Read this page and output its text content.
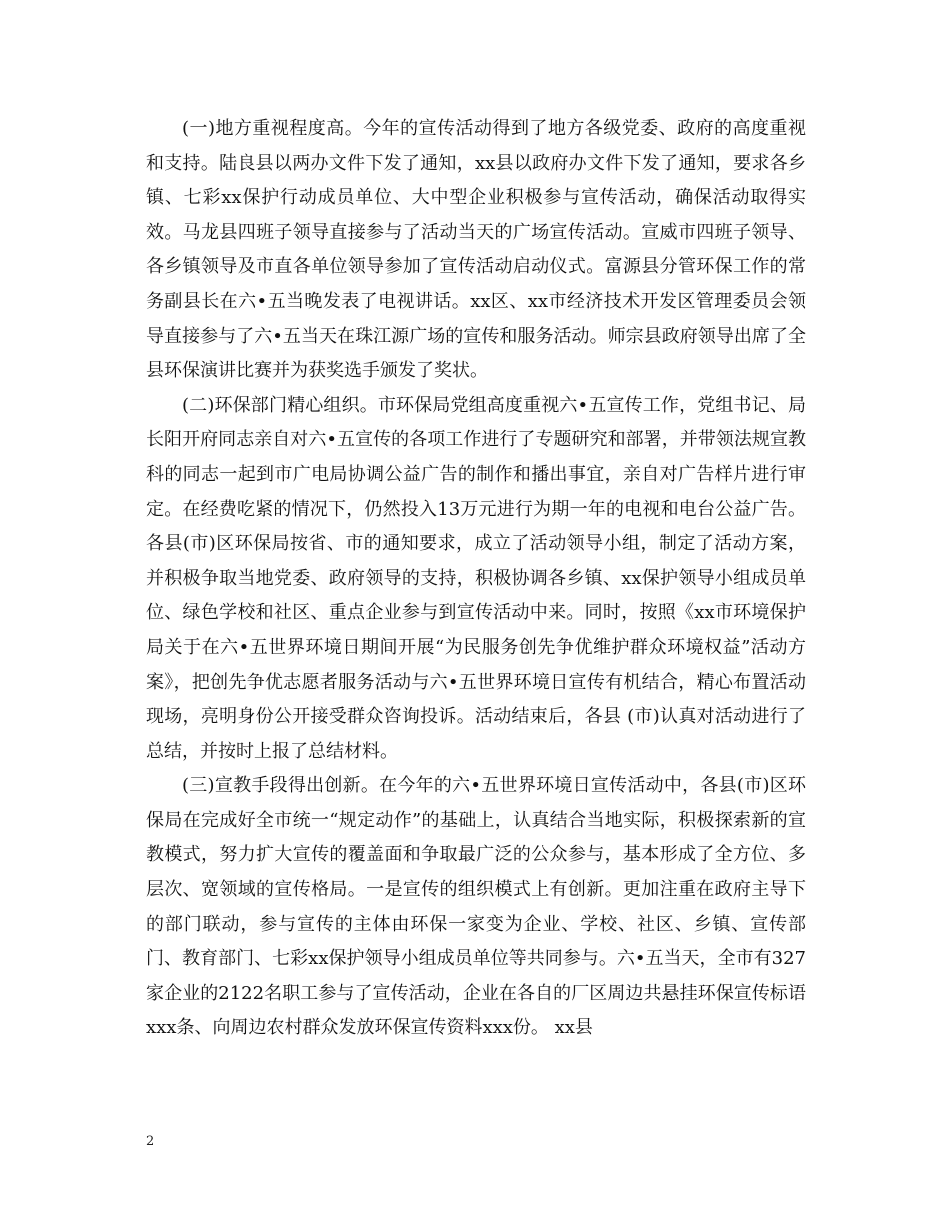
(一)地方重视程度高。今年的宣传活动得到了地方各级党委、政府的高度重视和支持。陆良县以两办文件下发了通知，xx县以政府办文件下发了通知，要求各乡镇、七彩xx保护行动成员单位、大中型企业积极参与宣传活动，确保活动取得实效。马龙县四班子领导直接参与了活动当天的广场宣传活动。宣威市四班子领导、各乡镇领导及市直各单位领导参加了宣传活动启动仪式。富源县分管环保工作的常务副县长在六•五当晚发表了电视讲话。xx区、xx市经济技术开发区管理委员会领导直接参与了六•五当天在珠江源广场的宣传和服务活动。师宗县政府领导出席了全县环保演讲比赛并为获奖选手颁发了奖状。

(二)环保部门精心组织。市环保局党组高度重视六•五宣传工作，党组书记、局长阳开府同志亲自对六•五宣传的各项工作进行了专题研究和部署，并带领法规宣教科的同志一起到市广电局协调公益广告的制作和播出事宜，亲自对广告样片进行审定。在经费吃紧的情况下，仍然投入13万元进行为期一年的电视和电台公益广告。各县(市)区环保局按省、市的通知要求，成立了活动领导小组，制定了活动方案，并积极争取当地党委、政府领导的支持，积极协调各乡镇、xx保护领导小组成员单位、绿色学校和社区、重点企业参与到宣传活动中来。同时，按照《xx市环境保护局关于在六•五世界环境日期间开展“为民服务创先争优维护群众环境权益”活动方案》，把创先争优志愿者服务活动与六•五世界环境日宣传有机结合，精心布置活动现场，亮明身份公开接受群众咨询投诉。活动结束后，各县 (市)认真对活动进行了总结，并按时上报了总结材料。

(三)宣教手段得出创新。在今年的六•五世界环境日宣传活动中，各县(市)区环保局在完成好全市统一“规定动作”的基础上，认真结合当地实际，积极探索新的宣教模式，努力扩大宣传的覆盖面和争取最广泛的公众参与，基本形成了全方位、多层次、宽领域的宣传格局。一是宣传的组织模式上有创新。更加注重在政府主导下的部门联动，参与宣传的主体由环保一家变为企业、学校、社区、乡镇、宣传部门、教育部门、七彩xx保护领导小组成员单位等共同参与。六•五当天，全市有327家企业的2122名职工参与了宣传活动，企业在各自的厂区周边共悬挂环保宣传标语xxx条、向周边农村群众发放环保宣传资料xxx份。 xx县

2
